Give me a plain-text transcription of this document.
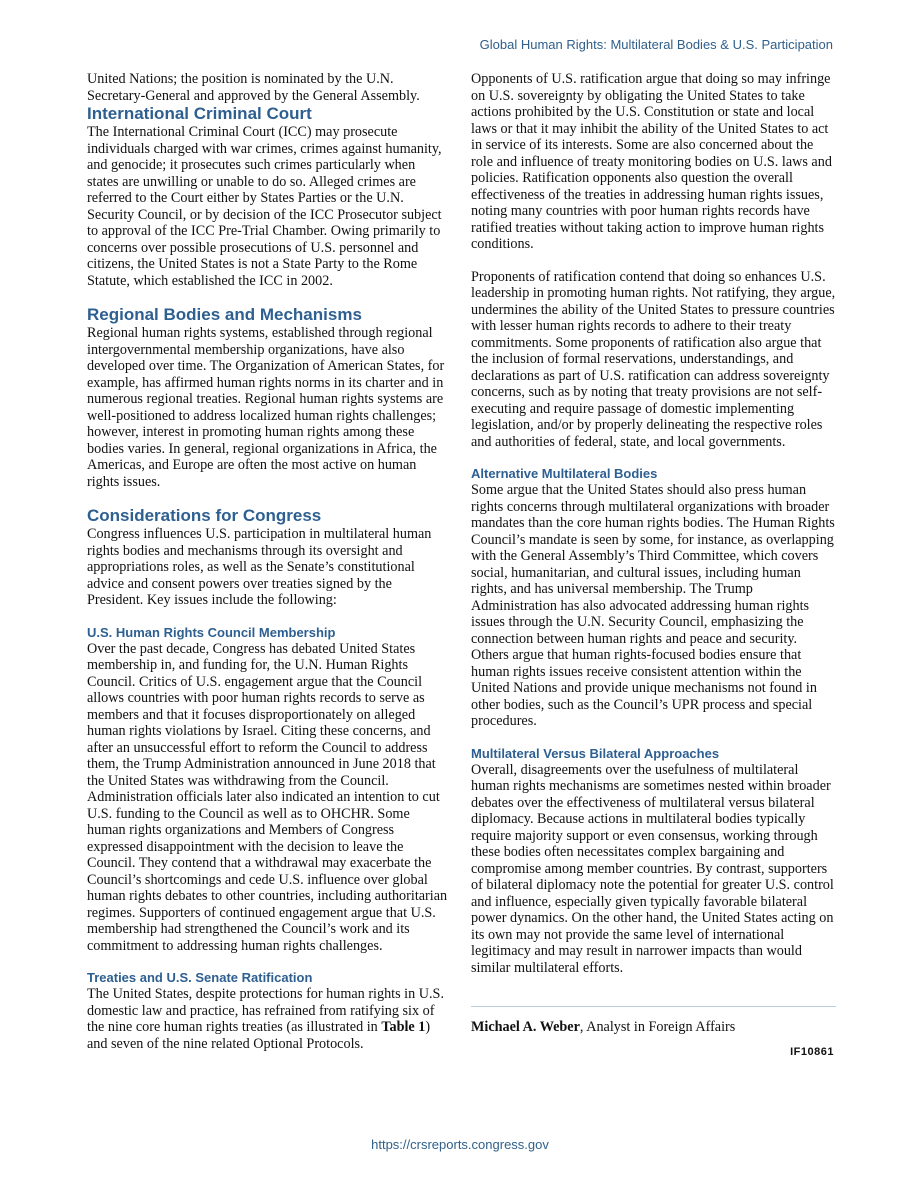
Global Human Rights: Multilateral Bodies & U.S. Participation

United Nations; the position is nominated by the U.N. Secretary-General and approved by the General Assembly.

International Criminal Court

The International Criminal Court (ICC) may prosecute individuals charged with war crimes, crimes against humanity, and genocide; it prosecutes such crimes particularly when states are unwilling or unable to do so. Alleged crimes are referred to the Court either by States Parties or the U.N. Security Council, or by decision of the ICC Prosecutor subject to approval of the ICC Pre-Trial Chamber. Owing primarily to concerns over possible prosecutions of U.S. personnel and citizens, the United States is not a State Party to the Rome Statute, which established the ICC in 2002.

Regional Bodies and Mechanisms

Regional human rights systems, established through regional intergovernmental membership organizations, have also developed over time. The Organization of American States, for example, has affirmed human rights norms in its charter and in numerous regional treaties. Regional human rights systems are well-positioned to address localized human rights challenges; however, interest in promoting human rights among these bodies varies. In general, regional organizations in Africa, the Americas, and Europe are often the most active on human rights issues.

Considerations for Congress

Congress influences U.S. participation in multilateral human rights bodies and mechanisms through its oversight and appropriations roles, as well as the Senate’s constitutional advice and consent powers over treaties signed by the President. Key issues include the following:

U.S. Human Rights Council Membership

Over the past decade, Congress has debated United States membership in, and funding for, the U.N. Human Rights Council. Critics of U.S. engagement argue that the Council allows countries with poor human rights records to serve as members and that it focuses disproportionately on alleged human rights violations by Israel. Citing these concerns, and after an unsuccessful effort to reform the Council to address them, the Trump Administration announced in June 2018 that the United States was withdrawing from the Council. Administration officials later also indicated an intention to cut U.S. funding to the Council as well as to OHCHR. Some human rights organizations and Members of Congress expressed disappointment with the decision to leave the Council. They contend that a withdrawal may exacerbate the Council’s shortcomings and cede U.S. influence over global human rights debates to other countries, including authoritarian regimes. Supporters of continued engagement argue that U.S. membership had strengthened the Council’s work and its commitment to addressing human rights challenges.

Treaties and U.S. Senate Ratification

The United States, despite protections for human rights in U.S. domestic law and practice, has refrained from ratifying six of the nine core human rights treaties (as illustrated in Table 1) and seven of the nine related Optional Protocols.

Opponents of U.S. ratification argue that doing so may infringe on U.S. sovereignty by obligating the United States to take actions prohibited by the U.S. Constitution or state and local laws or that it may inhibit the ability of the United States to act in service of its interests. Some are also concerned about the role and influence of treaty monitoring bodies on U.S. laws and policies. Ratification opponents also question the overall effectiveness of the treaties in addressing human rights issues, noting many countries with poor human rights records have ratified treaties without taking action to improve human rights conditions.

Proponents of ratification contend that doing so enhances U.S. leadership in promoting human rights. Not ratifying, they argue, undermines the ability of the United States to pressure countries with lesser human rights records to adhere to their treaty commitments. Some proponents of ratification also argue that the inclusion of formal reservations, understandings, and declarations as part of U.S. ratification can address sovereignty concerns, such as by noting that treaty provisions are not self-executing and require passage of domestic implementing legislation, and/or by properly delineating the respective roles and authorities of federal, state, and local governments.

Alternative Multilateral Bodies

Some argue that the United States should also press human rights concerns through multilateral organizations with broader mandates than the core human rights bodies. The Human Rights Council’s mandate is seen by some, for instance, as overlapping with the General Assembly’s Third Committee, which covers social, humanitarian, and cultural issues, including human rights, and has universal membership. The Trump Administration has also advocated addressing human rights issues through the U.N. Security Council, emphasizing the connection between human rights and peace and security. Others argue that human rights-focused bodies ensure that human rights issues receive consistent attention within the United Nations and provide unique mechanisms not found in other bodies, such as the Council’s UPR process and special procedures.

Multilateral Versus Bilateral Approaches

Overall, disagreements over the usefulness of multilateral human rights mechanisms are sometimes nested within broader debates over the effectiveness of multilateral versus bilateral diplomacy. Because actions in multilateral bodies typically require majority support or even consensus, working through these bodies often necessitates complex bargaining and compromise among member countries. By contrast, supporters of bilateral diplomacy note the potential for greater U.S. control and influence, especially given typically favorable bilateral power dynamics. On the other hand, the United States acting on its own may not provide the same level of international legitimacy and may result in narrower impacts than would similar multilateral efforts.

Michael A. Weber, Analyst in Foreign Affairs
IF10861
https://crsreports.congress.gov
